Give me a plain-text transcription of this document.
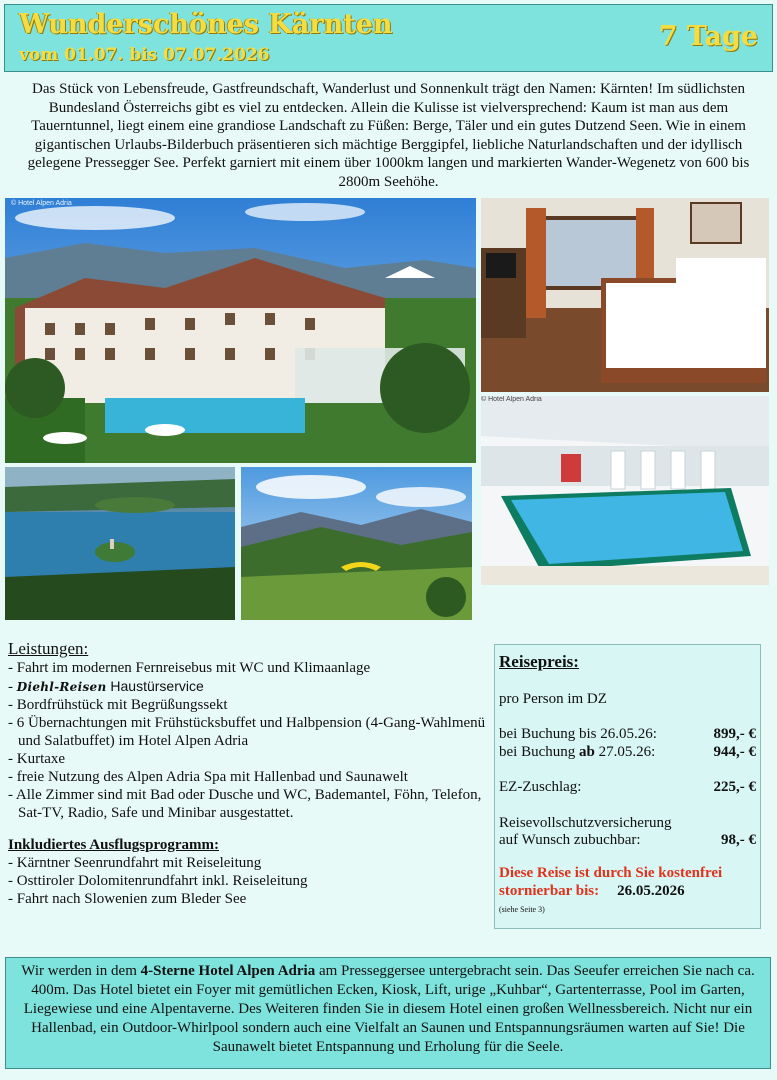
Wunderschönes Kärnten
vom 01.07. bis 07.07.2026
7 Tage

Das Stück von Lebensfreude, Gastfreundschaft, Wanderlust und Sonnenkult trägt den Namen: Kärnten! Im südlichsten Bundesland Österreichs gibt es viel zu entdecken. Allein die Kulisse ist vielversprechend: Kaum ist man aus dem Tauerntunnel, liegt einem eine grandiose Landschaft zu Füßen: Berge, Täler und ein gutes Dutzend Seen. Wie in einem gigantischen Urlaubs-Bilderbuch präsentieren sich mächtige Berggipfel, liebliche Naturlandschaften und der idyllisch gelegene Pressegger See. Perfekt garniert mit einem über 1000km langen und markierten Wander-Wegenetz von 600 bis 2800m Seehöhe.

© Hotel Alpen Adria
© Hotel Alpen Adria
Leistungen:
- Fahrt im modernen Fernreisebus mit WC und Klimaanlage
- Diehl-Reisen Haustürservice
- Bordfrühstück mit Begrüßungssekt
- 6 Übernachtungen mit Frühstücksbuffet und Halbpension (4-Gang-Wahlmenü und Salatbuffet) im Hotel Alpen Adria
- Kurtaxe
- freie Nutzung des Alpen Adria Spa mit Hallenbad und Saunawelt
- Alle Zimmer sind mit Bad oder Dusche und WC, Bademantel, Föhn, Telefon, Sat-TV, Radio, Safe und Minibar ausgestattet.
Inkludiertes Ausflugsprogramm:
- Kärntner Seenrundfahrt mit Reiseleitung
- Osttiroler Dolomitenrundfahrt inkl. Reiseleitung
- Fahrt nach Slowenien zum Bleder See
Reisepreis:
pro Person im DZ
bei Buchung bis 26.05.26:	899,- €
bei Buchung ab 27.05.26:	944,- €
EZ-Zuschlag:	225,- €
Reisevollschutzversicherung
auf Wunsch zubuchbar:	98,- €
Diese Reise ist durch Sie kostenfrei
stornierbar bis: 26.05.2026
(siehe Seite 3)
Wir werden in dem 4-Sterne Hotel Alpen Adria am Presseggersee untergebracht sein. Das Seeufer erreichen Sie nach ca. 400m. Das Hotel bietet ein Foyer mit gemütlichen Ecken, Kiosk, Lift, urige „Kuhbar“, Gartenterrasse, Pool im Garten, Liegewiese und eine Alpentaverne. Des Weiteren finden Sie in diesem Hotel einen großen Wellnessbereich. Nicht nur ein Hallenbad, ein Outdoor-Whirlpool sondern auch eine Vielfalt an Saunen und Entspannungsräumen warten auf Sie! Die Saunawelt bietet Entspannung und Erholung für die Seele.
